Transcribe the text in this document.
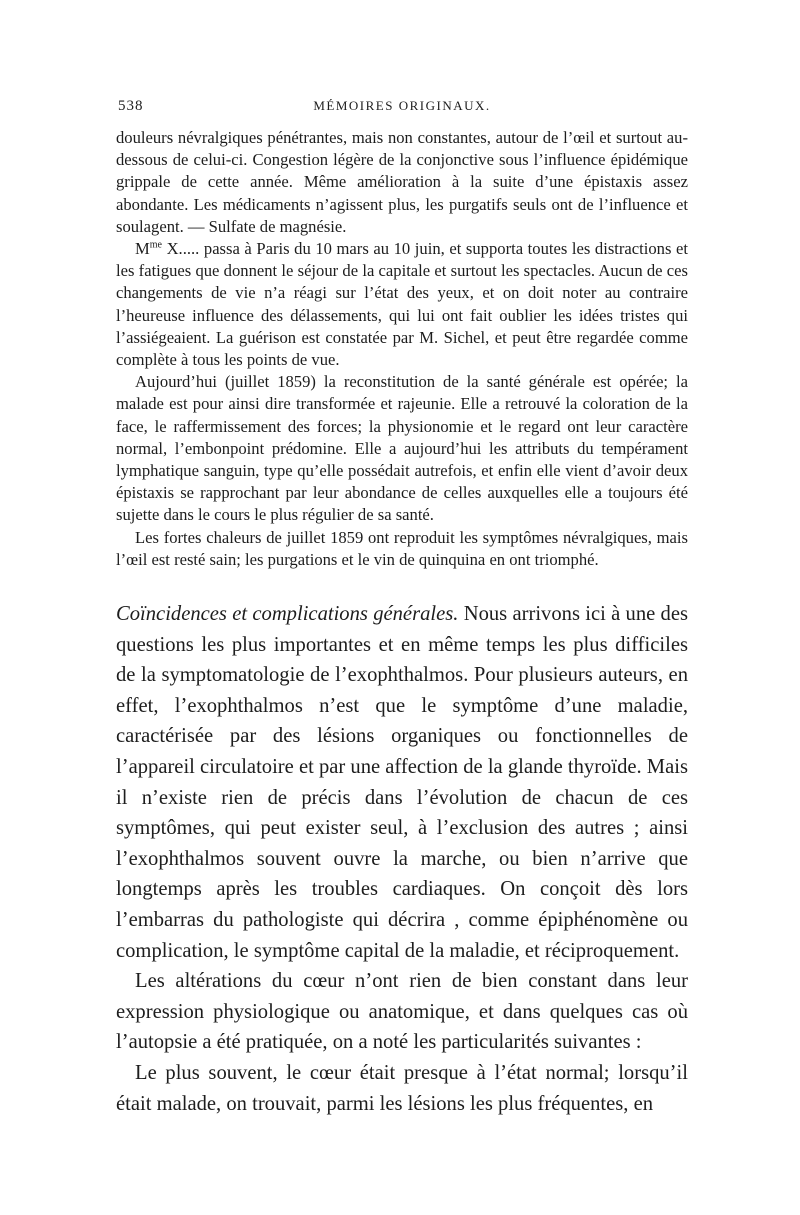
538	MÉMOIRES ORIGINAUX.

douleurs névralgiques pénétrantes, mais non constantes, autour de l’œil et surtout au-dessous de celui-ci. Congestion légère de la conjonctive sous l’influence épidémique grippale de cette année. Même amélioration à la suite d’une épistaxis assez abondante. Les médicaments n’agissent plus, les purgatifs seuls ont de l’influence et soulagent. — Sulfate de magnésie.

$M^{me}$ X..... passa à Paris du 10 mars au 10 juin, et supporta toutes les distractions et les fatigues que donnent le séjour de la capitale et surtout les spectacles. Aucun de ces changements de vie n’a réagi sur l’état des yeux, et on doit noter au contraire l’heureuse influence des délassements, qui lui ont fait oublier les idées tristes qui l’assiégeaient. La guérison est constatée par M. Sichel, et peut être regardée comme complète à tous les points de vue.

Aujourd’hui (juillet 1859) la reconstitution de la santé générale est opérée; la malade est pour ainsi dire transformée et rajeunie. Elle a retrouvé la coloration de la face, le raffermissement des forces; la physionomie et le regard ont leur caractère normal, l’embonpoint prédomine. Elle a aujourd’hui les attributs du tempérament lymphatique sanguin, type qu’elle possédait autrefois, et enfin elle vient d’avoir deux épistaxis se rapprochant par leur abondance de celles auxquelles elle a toujours été sujette dans le cours le plus régulier de sa santé.

Les fortes chaleurs de juillet 1859 ont reproduit les symptômes névralgiques, mais l’œil est resté sain; les purgations et le vin de quinquina en ont triomphé.

Coïncidences et complications générales. Nous arrivons ici à une des questions les plus importantes et en même temps les plus difficiles de la symptomatologie de l’exophthalmos. Pour plusieurs auteurs, en effet, l’exophthalmos n’est que le symptôme d’une maladie, caractérisée par des lésions organiques ou fonctionnelles de l’appareil circulatoire et par une affection de la glande thyroïde. Mais il n’existe rien de précis dans l’évolution de chacun de ces symptômes, qui peut exister seul, à l’exclusion des autres ; ainsi l’exophthalmos souvent ouvre la marche, ou bien n’arrive que longtemps après les troubles cardiaques. On conçoit dès lors l’embarras du pathologiste qui décrira , comme épiphénomène ou complication, le symptôme capital de la maladie, et réciproquement.

Les altérations du cœur n’ont rien de bien constant dans leur expression physiologique ou anatomique, et dans quelques cas où l’autopsie a été pratiquée, on a noté les particularités suivantes :

Le plus souvent, le cœur était presque à l’état normal; lorsqu’il était malade, on trouvait, parmi les lésions les plus fréquentes, en
